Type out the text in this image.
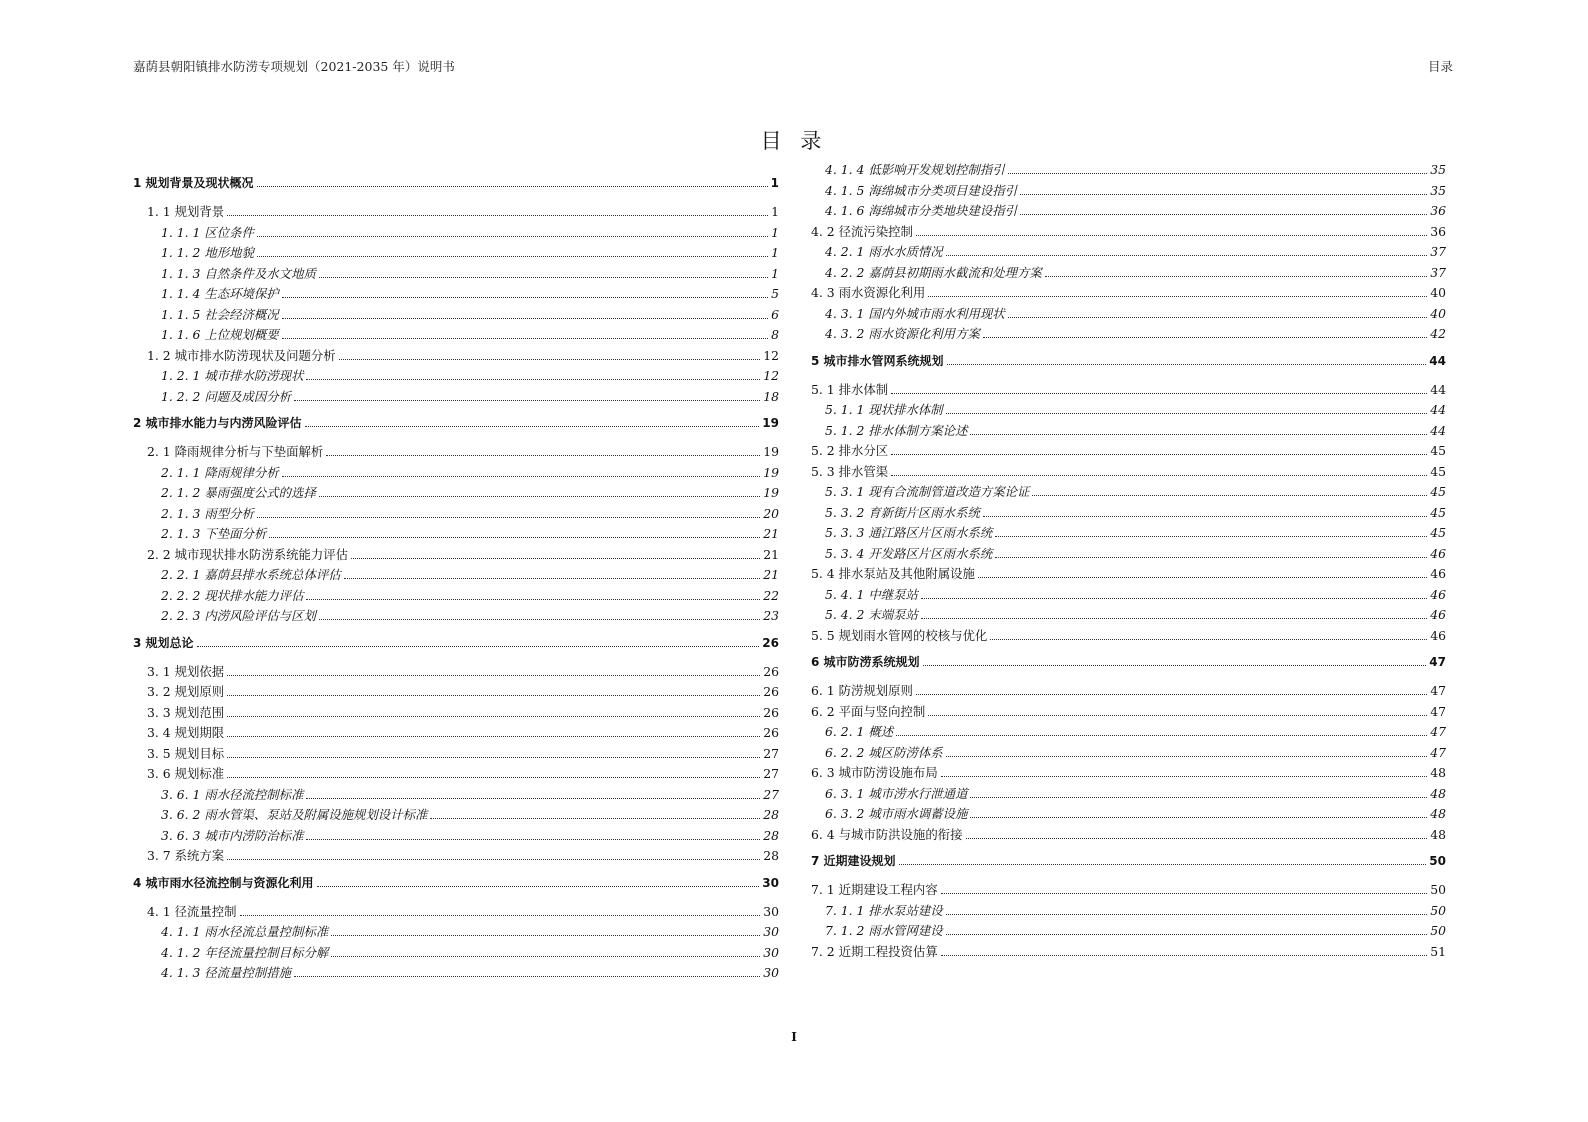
嘉荫县朝阳镇排水防涝专项规划（2021-2035 年）说明书	目录
目 录
1 规划背景及现状概况	1
1. 1 规划背景	1
1. 1. 1 区位条件	1
1. 1. 2 地形地貌	1
1. 1. 3 自然条件及水文地质	1
1. 1. 4 生态环境保护	5
1. 1. 5 社会经济概况	6
1. 1. 6 上位规划概要	8
1. 2 城市排水防涝现状及问题分析	12
1. 2. 1 城市排水防涝现状	12
1. 2. 2 问题及成因分析	18
2 城市排水能力与内涝风险评估	19
2. 1 降雨规律分析与下垫面解析	19
2. 1. 1 降雨规律分析	19
2. 1. 2 暴雨强度公式的选择	19
2. 1. 3 雨型分析	20
2. 1. 3 下垫面分析	21
2. 2 城市现状排水防涝系统能力评估	21
2. 2. 1 嘉荫县排水系统总体评估	21
2. 2. 2 现状排水能力评估	22
2. 2. 3 内涝风险评估与区划	23
3 规划总论	26
3. 1 规划依据	26
3. 2 规划原则	26
3. 3 规划范围	26
3. 4 规划期限	26
3. 5 规划目标	27
3. 6 规划标准	27
3. 6. 1 雨水径流控制标准	27
3. 6. 2 雨水管渠、泵站及附属设施规划设计标准	28
3. 6. 3 城市内涝防治标准	28
3. 7 系统方案	28
4 城市雨水径流控制与资源化利用	30
4. 1 径流量控制	30
4. 1. 1 雨水径流总量控制标准	30
4. 1. 2 年径流量控制目标分解	30
4. 1. 3 径流量控制措施	30
4. 1. 4 低影响开发规划控制指引	35
4. 1. 5 海绵城市分类项目建设指引	35
4. 1. 6 海绵城市分类地块建设指引	36
4. 2 径流污染控制	36
4. 2. 1 雨水水质情况	37
4. 2. 2 嘉荫县初期雨水截流和处理方案	37
4. 3 雨水资源化利用	40
4. 3. 1 国内外城市雨水利用现状	40
4. 3. 2 雨水资源化利用方案	42
5 城市排水管网系统规划	44
5. 1 排水体制	44
5. 1. 1 现状排水体制	44
5. 1. 2 排水体制方案论述	44
5. 2 排水分区	45
5. 3 排水管渠	45
5. 3. 1 现有合流制管道改造方案论证	45
5. 3. 2 育新街片区雨水系统	45
5. 3. 3 通江路区片区雨水系统	45
5. 3. 4 开发路区片区雨水系统	46
5. 4 排水泵站及其他附属设施	46
5. 4. 1 中继泵站	46
5. 4. 2 末端泵站	46
5. 5 规划雨水管网的校核与优化	46
6 城市防涝系统规划	47
6. 1 防涝规划原则	47
6. 2 平面与竖向控制	47
6. 2. 1 概述	47
6. 2. 2 城区防涝体系	47
6. 3 城市防涝设施布局	48
6. 3. 1 城市涝水行泄通道	48
6. 3. 2 城市雨水调蓄设施	48
6. 4 与城市防洪设施的衔接	48
7 近期建设规划	50
7. 1 近期建设工程内容	50
7. 1. 1 排水泵站建设	50
7. 1. 2 雨水管网建设	50
7. 2 近期工程投资估算	51
I
